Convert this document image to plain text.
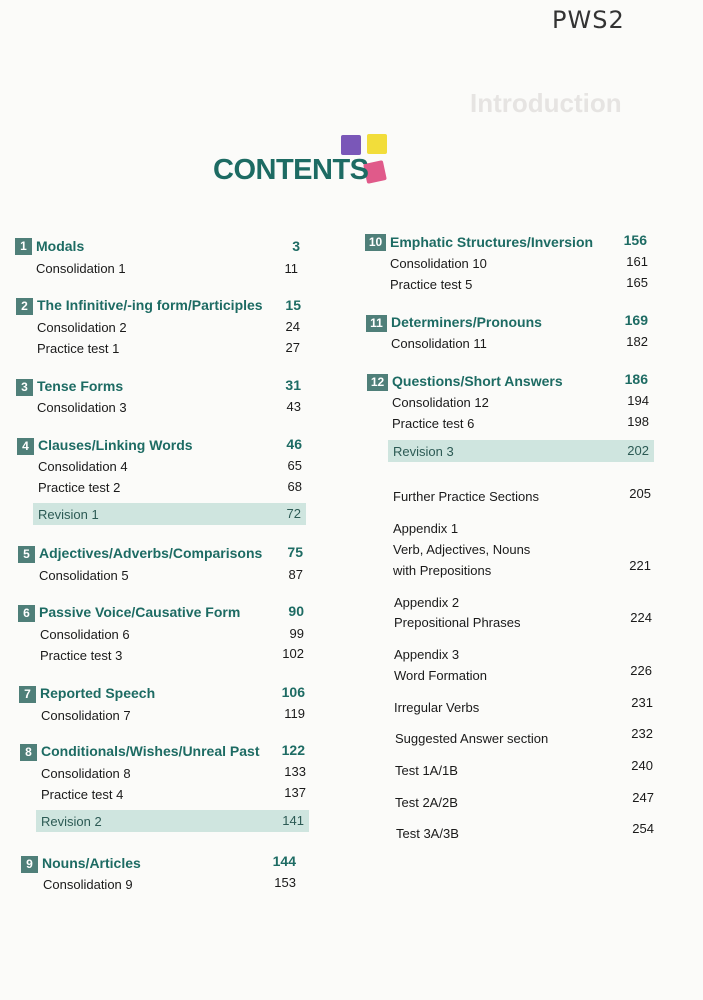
Introduction
PWS2
CONTENTS
1 Modals	3
Consolidation 1	11
2 The Infinitive/-ing form/Participles	15
Consolidation 2	24
Practice test 1	27
3 Tense Forms	31
Consolidation 3	43
4 Clauses/Linking Words	46
Consolidation 4	65
Practice test 2	68
Revision 1	72
5 Adjectives/Adverbs/Comparisons	75
Consolidation 5	87
6 Passive Voice/Causative Form	90
Consolidation 6	99
Practice test 3	102
7 Reported Speech	106
Consolidation 7	119
8 Conditionals/Wishes/Unreal Past	122
Consolidation 8	133
Practice test 4	137
Revision 2	141
9 Nouns/Articles	144
Consolidation 9	153
10 Emphatic Structures/Inversion	156
Consolidation 10	161
Practice test 5	165
11 Determiners/Pronouns	169
Consolidation 11	182
12 Questions/Short Answers	186
Consolidation 12	194
Practice test 6	198
Revision 3	202
Further Practice Sections	205
Appendix 1
Verb, Adjectives, Nouns
with Prepositions	221
Appendix 2
Prepositional Phrases	224
Appendix 3
Word Formation	226
Irregular Verbs	231
Suggested Answer section	232
Test 1A/1B	240
Test 2A/2B	247
Test 3A/3B	254
